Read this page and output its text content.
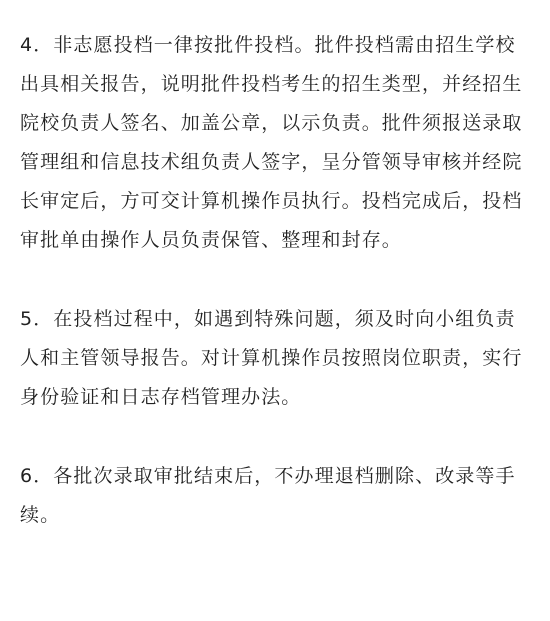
4．非志愿投档一律按批件投档。批件投档需由招生学校出具相关报告，说明批件投档考生的招生类型，并经招生院校负责人签名、加盖公章，以示负责。批件须报送录取管理组和信息技术组负责人签字，呈分管领导审核并经院长审定后，方可交计算机操作员执行。投档完成后，投档审批单由操作人员负责保管、整理和封存。

5．在投档过程中，如遇到特殊问题，须及时向小组负责人和主管领导报告。对计算机操作员按照岗位职责，实行身份验证和日志存档管理办法。

6．各批次录取审批结束后，不办理退档删除、改录等手续。
